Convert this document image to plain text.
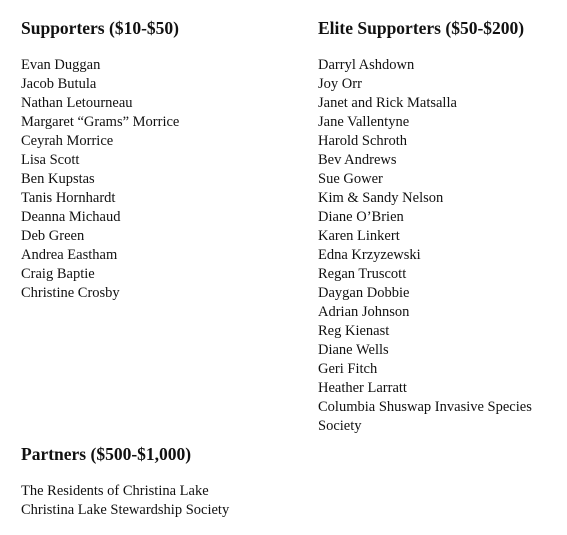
Supporters ($10-$50)
Evan Duggan
Jacob Butula
Nathan Letourneau
Margaret “Grams” Morrice
Ceyrah Morrice
Lisa Scott
Ben Kupstas
Tanis Hornhardt
Deanna Michaud
Deb Green
Andrea Eastham
Craig Baptie
Christine Crosby
Elite Supporters ($50-$200)
Darryl Ashdown
Joy Orr
Janet and Rick Matsalla
Jane Vallentyne
Harold Schroth
Bev Andrews
Sue Gower
Kim & Sandy Nelson
Diane O’Brien
Karen Linkert
Edna Krzyzewski
Regan Truscott
Daygan Dobbie
Adrian Johnson
Reg Kienast
Diane Wells
Geri Fitch
Heather Larratt
Columbia Shuswap Invasive Species
Society
Partners ($500-$1,000)
The Residents of Christina Lake
Christina Lake Stewardship Society
